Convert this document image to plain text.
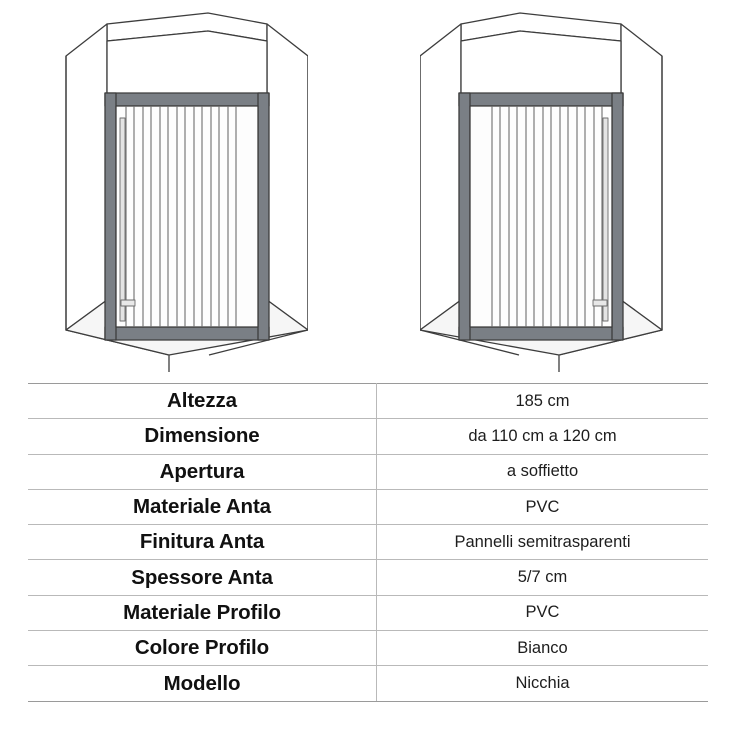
Altezza	185 cm
Dimensione	da 110 cm a 120 cm
Apertura	a soffietto
Materiale Anta	PVC
Finitura Anta	Pannelli semitrasparenti
Spessore Anta	5/7 cm
Materiale Profilo	PVC
Colore Profilo	Bianco
Modello	Nicchia
